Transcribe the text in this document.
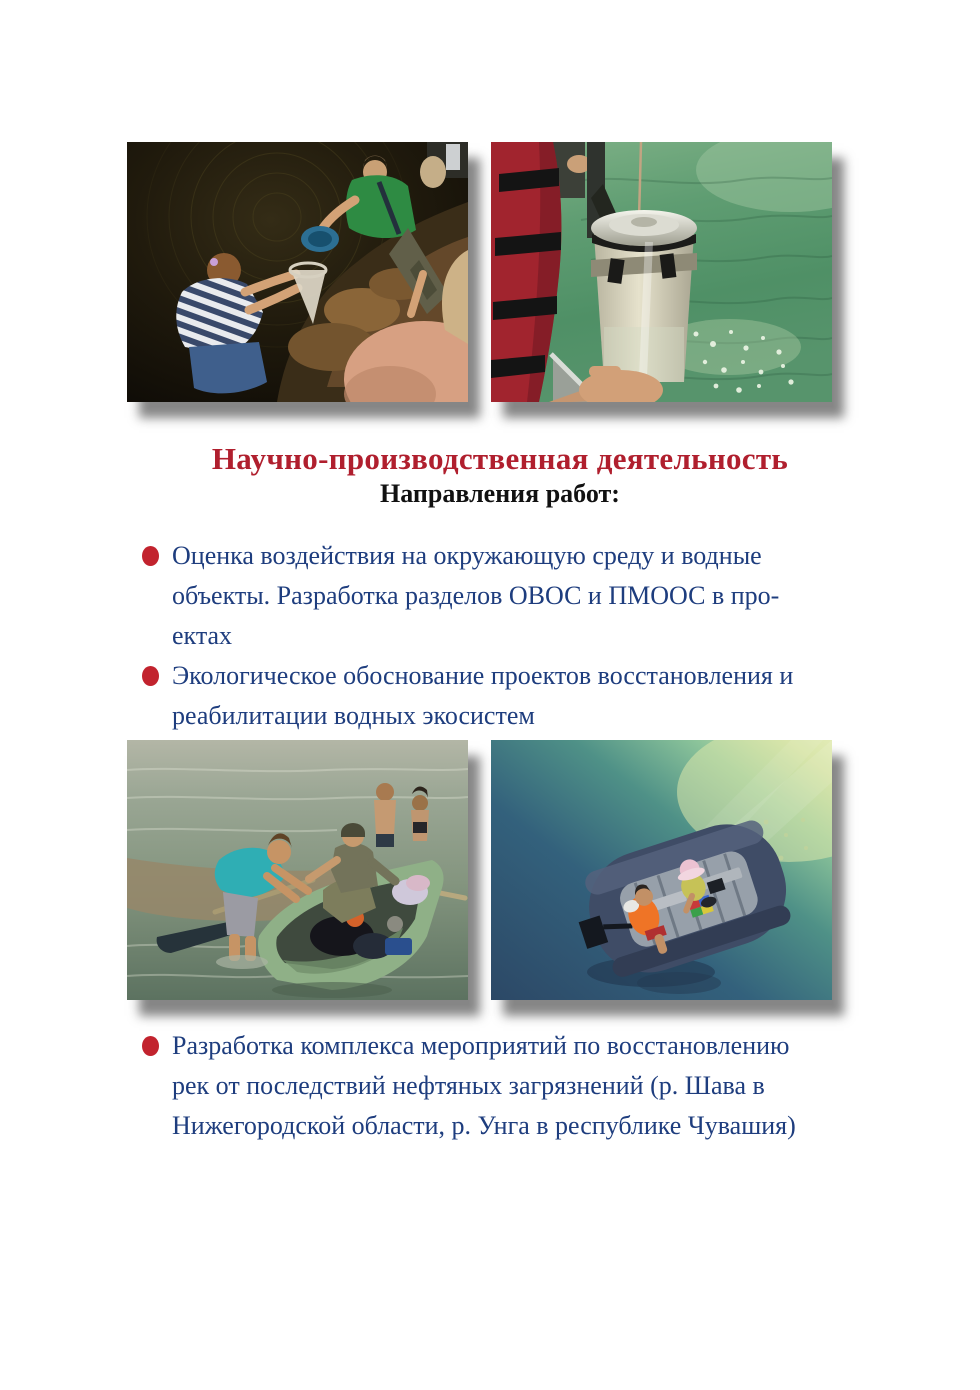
Научно-производственная деятельность
Направления работ:
Оценка воздействия на окружающую среду и водные
объекты. Разработка разделов ОВОС и ПМООС в про-
ектах
Экологическое обоснование проектов восстановления и
реабилитации водных экосистем
Разработка комплекса мероприятий по восстановлению
рек от последствий нефтяных загрязнений (р. Шава в
Нижегородской области, р. Унга в республике Чувашия)
